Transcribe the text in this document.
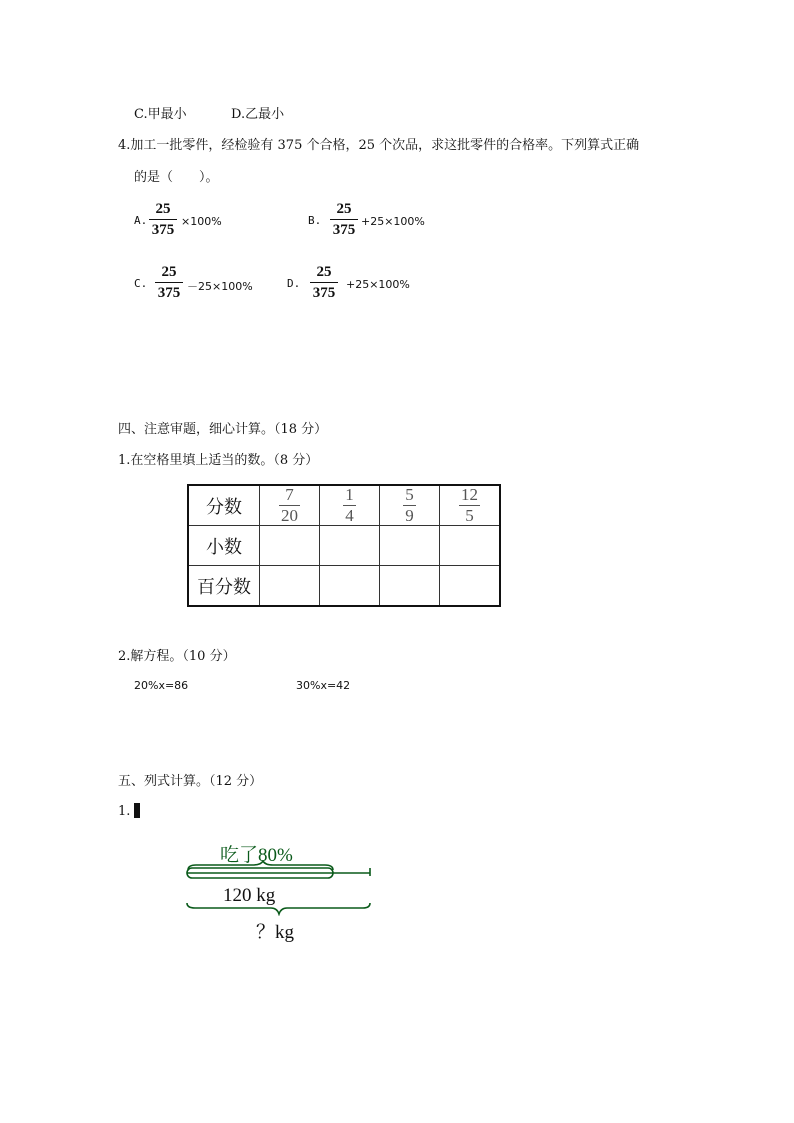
C.甲最小	D.乙最小
4.加工一批零件，经检验有 375 个合格，25 个次品，求这批零件的合格率。下列算式正确
的是（　　）。
A.
25
375
×100%	B.
25
375
+25×100%
C.
25
375 －25×100%	D.
25
375
+25×100%
四、注意审题，细心计算。（18 分）
1.在空格里填上适当的数。（8 分）
分数	$\frac{7}{20}$	$\frac{1}{4}$	$\frac{5}{9}$	$\frac{12}{5}$

小数				
百分数				
2.解方程。（10 分）
20%x=86	30%x=42
五、列式计算。（12 分）
1.
吃了80%
120 kg
？kg
